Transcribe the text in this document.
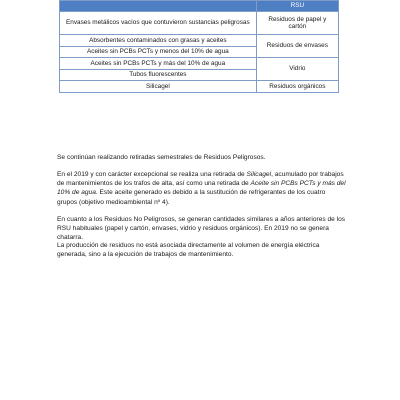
	RSU
Envases metálicos vacíos que contuvieron sustancias peligrosas	Residuos de papel y cartón
Absorbentes contaminados con grasas y aceites	Residuos de envases
Aceites sin PCBs PCTs y menos del 10% de agua	
Aceites sin PCBs PCTs y más del 10% de agua	Vidrio
Tubos fluorescentes	
Silicagel	Residuos orgánicos

Se continúan realizando retiradas semestrales de Residuos Peligrosos.

En el 2019 y con carácter excepcional se realiza una retirada de Silicagel, acumulado por trabajos de mantenimientos de los trafos de alta, así como una retirada de Aceite sin PCBs PCTs y más del 10% de agua. Este aceite generado es debido a la sustitución de refrigerantes de los cuatro grupos (objetivo medioambiental nº 4).

En cuanto a los Residuos No Peligrosos, se generan cantidades similares a años anteriores de los RSU habituales (papel y cartón, envases, vidrio y residuos orgánicos). En 2019 no se genera chatarra.

La producción de residuos no está asociada directamente al volumen de energía eléctrica generada, sino a la ejecución de trabajos de mantenimiento.
